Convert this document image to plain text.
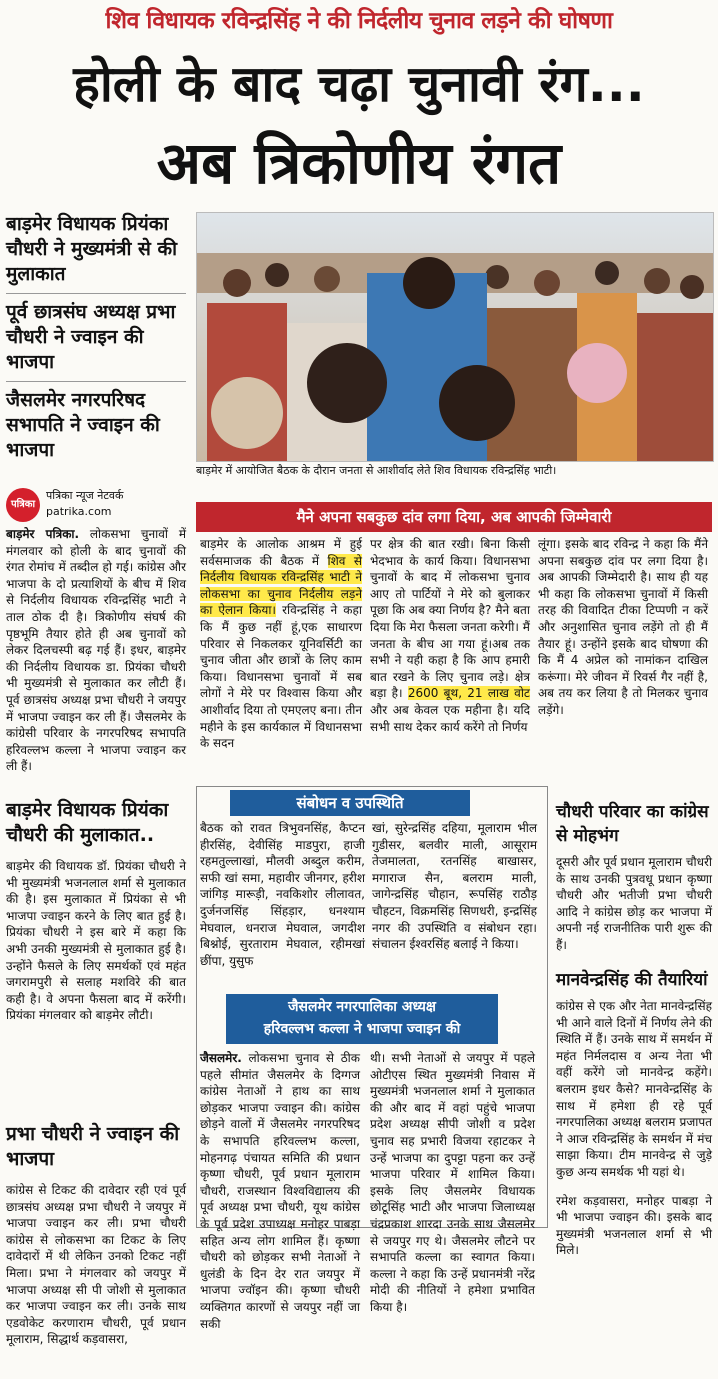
शिव विधायक रविन्द्रसिंह ने की निर्दलीय चुनाव लड़ने की घोषणा
होली के बाद चढ़ा चुनावी रंग...
अब त्रिकोणीय रंगत
बाड़मेर विधायक प्रियंका चौधरी ने मुख्यमंत्री से की मुलाकात
पूर्व छात्रसंघ अध्यक्ष प्रभा चौधरी ने ज्वाइन की भाजपा
जैसलमेर नगरपरिषद सभापति ने ज्वाइन की भाजपा
बाड़मेर में आयोजित बैठक के दौरान जनता से आशीर्वाद लेते शिव विधायक रविन्द्रसिंह भाटी।
पत्रिका
पत्रिका न्यूज नेटवर्क
patrika.com
बाड़मेर पत्रिका. लोकसभा चुनावों में मंगलवार को होली के बाद चुनावों की रंगत रोमांच में तब्दील हो गई। कांग्रेस और भाजपा के दो प्रत्याशियों के बीच में शिव से निर्दलीय विधायक रविन्द्रसिंह भाटी ने ताल ठोक दी है। त्रिकोणीय संघर्ष की पृष्ठभूमि तैयार होते ही अब चुनावों को लेकर दिलचस्पी बढ़ गई हैं। इधर, बाड़मेर की निर्दलीय विधायक डा. प्रियंका चौधरी भी मुख्यमंत्री से मुलाकात कर लौटी हैं। पूर्व छात्रसंघ अध्यक्ष प्रभा चौधरी ने जयपुर में भाजपा ज्वाइन कर ली हैं। जैसलमेर के कांग्रेसी परिवार के नगरपरिषद सभापति हरिवल्लभ कल्ला ने भाजपा ज्वाइन कर ली हैं।
बाड़मेर विधायक प्रियंका चौधरी की मुलाकात..
बाड़मेर की विधायक डॉ. प्रियंका चौधरी ने भी मुख्यमंत्री भजनलाल शर्मा से मुलाकात की है। इस मुलाकात में प्रियंका से भी भाजपा ज्वाइन करने के लिए बात हुई है। प्रियंका चौधरी ने इस बारे में कहा कि अभी उनकी मुख्यमंत्री से मुलाकात हुई है। उन्होंने फैसले के लिए समर्थकों एवं महंत जगरामपुरी से सलाह मशविरे की बात कही है। वे अपना फैसला बाद में करेंगी। प्रियंका मंगलवार को बाड़मेर लौटी।
प्रभा चौधरी ने ज्वाइन की भाजपा
कांग्रेस से टिकट की दावेदार रही एवं पूर्व छात्रसंघ अध्यक्ष प्रभा चौधरी ने जयपुर में भाजपा ज्वाइन कर ली। प्रभा चौधरी कांग्रेस से लोकसभा का टिकट के लिए दावेदारों में थी लेकिन उनको टिकट नहीं मिला। प्रभा ने मंगलवार को जयपुर में भाजपा अध्यक्ष सी पी जोशी से मुलाकात कर भाजपा ज्वाइन कर ली। उनके साथ एडवोकेट करणाराम चौधरी, पूर्व प्रधान मूलाराम, सिद्धार्थ कड़वासरा,
मैने अपना सबकुछ दांव लगा दिया, अब आपकी जिम्मेवारी
बाड़मेर के आलोक आश्रम में हुई सर्वसमाजक की बैठक में शिव से निर्दलीय विधायक रविन्द्रसिंह भाटी ने लोकसभा का चुनाव निर्दलीय लड़ने का ऐलान किया। रविन्द्रसिंह ने कहा कि मैं कुछ नहीं हूं,एक साधारण परिवार से निकलकर यूनिवर्सिटी का चुनाव जीता और छात्रों के लिए काम किया। विधानसभा चुनावों में सब लोगों ने मेरे पर विश्वास किया और आशीर्वाद दिया तो एमएलए बना। तीन महीने के इस कार्यकाल में विधानसभा के सदन
पर क्षेत्र की बात रखी। बिना किसी भेदभाव के कार्य किया। विधानसभा चुनावों के बाद में लोकसभा चुनाव आए तो पार्टियों ने मेरे को बुलाकर पूछा कि अब क्या निर्णय है? मैने बता दिया कि मेरा फैसला जनता करेगी। मैं जनता के बीच आ गया हूं।अब तक सभी ने यही कहा है कि आप हमारी बात रखने के लिए चुनाव लड़े। क्षेत्र बड़ा है। 2600 बूथ, 21 लाख वोट और अब केवल एक महीना है। यदि सभी साथ देकर कार्य करेंगे तो निर्णय
लूंगा। इसके बाद रविन्द्र ने कहा कि मैंने अपना सबकुछ दांव पर लगा दिया है। अब आपकी जिम्मेदारी है। साथ ही यह भी कहा कि लोकसभा चुनावों में किसी तरह की विवादित टीका टिप्पणी न करें और अनुशासित चुनाव लड़ेंगे तो ही मैं तैयार हूं। उन्होंने इसके बाद घोषणा की कि मैं 4 अप्रेल को नामांकन दाखिल करूंगा। मेरे जीवन में रिवर्स गैर नहीं है, अब तय कर लिया है तो मिलकर चुनाव लड़ेंगे।
संबोधन व उपस्थिति
बैठक को रावत त्रिभुवनसिंह, कैप्टन हीरसिंह, देवीसिंह माडपुरा, हाजी रहमतुल्लाखां, मौलवी अब्दुल करीम, सफी खां समा, महावीर जीनगर, हरीश जांगिड़ मारूड़ी, नवकिशोर लीलावत, दुर्जनजसिंह सिंहड़ार, धनश्याम मेघवाल, धनराज मेघवाल, जगदीश बिश्नोई, सुरताराम मेघवाल, रहीमखां छींपा, युसुफ
खां, सुरेन्द्रसिंह दहिया, मूलाराम भील गुडीसर, बलवीर माली, आसूराम तेजमालता, रतनसिंह बाखासर, मगाराज सैन, बलराम माली, जागेन्द्रसिंह चौहान, रूपसिंह राठौड़ चौहटन, विक्रमसिंह सिणधरी, इन्द्रसिंह नगर की उपस्थिति व संबोधन रहा। संचालन ईश्वरसिंह बलाई ने किया।
जैसलमेर नगरपालिका अध्यक्ष
हरिवल्लभ कल्ला ने भाजपा ज्वाइन की
जैसलमेर. लोकसभा चुनाव से ठीक पहले सीमांत जैसलमेर के दिग्गज कांग्रेस नेताओं ने हाथ का साथ छोड़कर भाजपा ज्वाइन की। कांग्रेस छोड़ने वालों में जैसलमेर नगरपरिषद के सभापति हरिवल्लभ कल्ला, मोहनगढ़ पंचायत समिति की प्रधान कृष्णा चौधरी, पूर्व प्रधान मूलाराम चौधरी, राजस्थान विश्वविद्यालय की पूर्व अध्यक्ष प्रभा चौधरी, यूथ कांग्रेस के पूर्व प्रदेश उपाध्यक्ष मनोहर पाबड़ा सहित अन्य लोग शामिल हैं। कृष्णा चौधरी को छोड़कर सभी नेताओं ने धुलंडी के दिन देर रात जयपुर में भाजपा ज्वॉइन की। कृष्णा चौधरी व्यक्तिगत कारणों से जयपुर नहीं जा सकी
थी। सभी नेताओं से जयपुर में पहले ओटीएस स्थित मुख्यमंत्री निवास में मुख्यमंत्री भजनलाल शर्मा ने मुलाकात की और बाद में वहां पहुंचे भाजपा प्रदेश अध्यक्ष सीपी जोशी व प्रदेश चुनाव सह प्रभारी विजया रहाटकर ने उन्हें भाजपा का दुपट्टा पहना कर उन्हें भाजपा परिवार में शामिल किया। इसके लिए जैसलमेर विधायक छोटूसिंह भाटी और भाजपा जिलाध्यक्ष चंद्रप्रकाश शारदा उनके साथ जैसलमेर से जयपुर गए थे। जैसलमेर लौटने पर सभापति कल्ला का स्वागत किया। कल्ला ने कहा कि उन्हें प्रधानमंत्री नरेंद्र मोदी की नीतियों ने हमेशा प्रभावित किया है।
चौधरी परिवार का कांग्रेस से मोहभंग
दूसरी और पूर्व प्रधान मूलाराम चौधरी के साथ उनकी पुत्रवधू प्रधान कृष्णा चौधरी और भतीजी प्रभा चौधरी आदि ने कांग्रेस छोड़ कर भाजपा में अपनी नई राजनीतिक पारी शुरू की हैं।
मानवेन्द्रसिंह की तैयारियां
कांग्रेस से एक और नेता मानवेन्द्रसिंह भी आने वाले दिनों में निर्णय लेने की स्थिति में हैं। उनके साथ में समर्थन में महंत निर्मलदास व अन्य नेता भी वहीं करेंगे जो मानवेन्द्र कहेंगे। बलराम इधर कैसे? मानवेन्द्रसिंह के साथ में हमेशा ही रहे पूर्व नगरपालिका अध्यक्ष बलराम प्रजापत ने आज रविन्द्रसिंह के समर्थन में मंच साझा किया। टीम मानवेन्द्र से जुड़े कुछ अन्य समर्थक भी यहां थे।
रमेश कड़वासरा, मनोहर पाबड़ा ने भी भाजपा ज्वाइन की। इसके बाद मुख्यमंत्री भजनलाल शर्मा से भी मिले।
